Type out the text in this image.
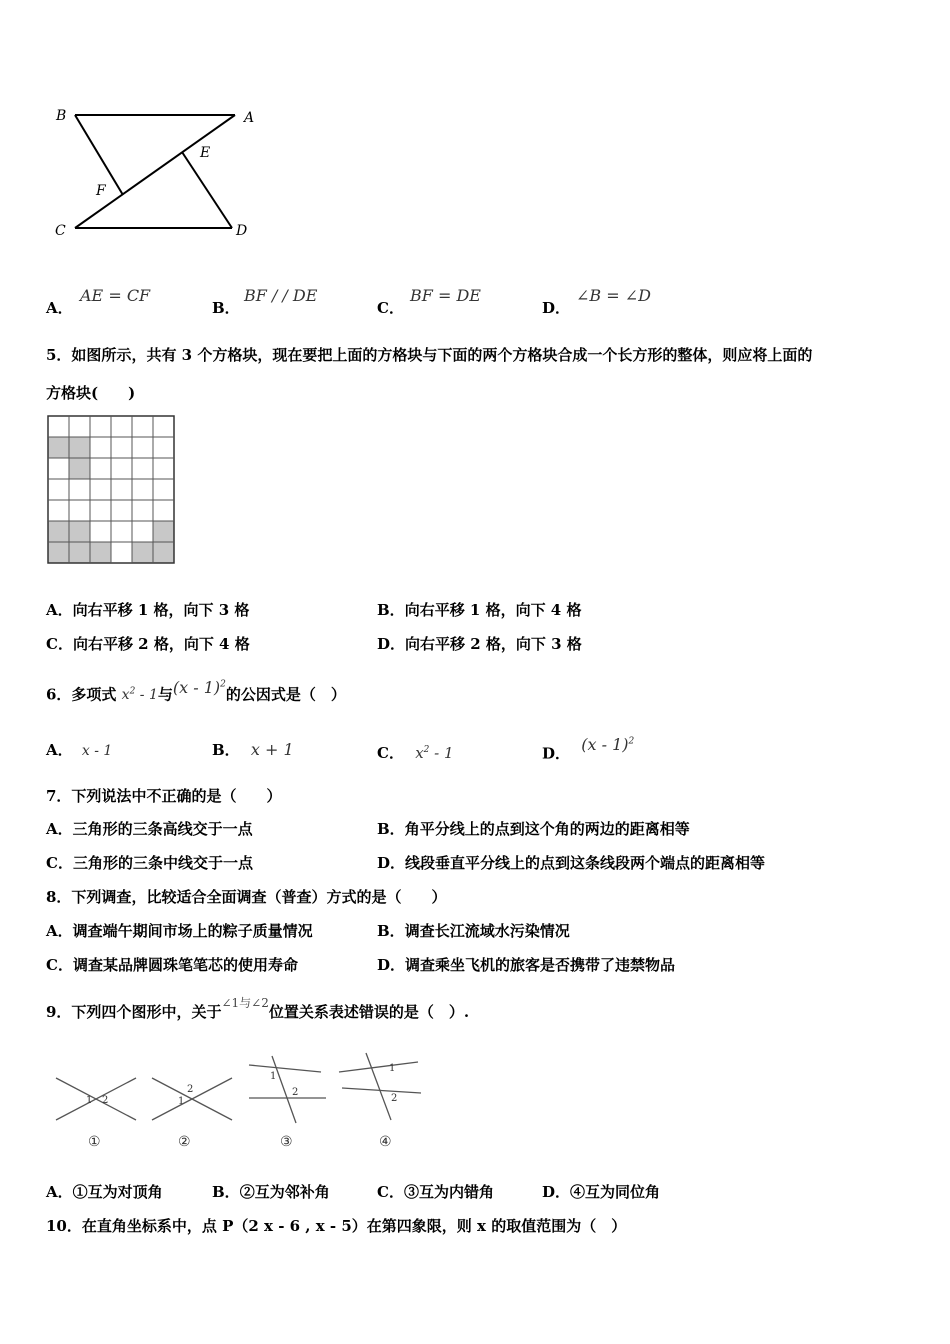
B	A
E
F
C	D
A．
AE = CF
B．
BF / / DE
C．
BF = DE
D．
∠B = ∠D
5．如图所示，共有 3 个方格块，现在要把上面的方格块与下面的两个方格块合成一个长方形的整体，则应将上面的
方格块(　　)
A．向右平移 1 格，向下 3 格	B．向右平移 1 格，向下 4 格
C．向右平移 2 格，向下 4 格	D．向右平移 2 格，向下 3 格
6．多项式 $x^2 - 1$与(x - 1)$^2$的公因式是（　）
A． x - 1	B． x + 1	C． $x^2 - 1$	D． (x - 1)$^2$
7．下列说法中不正确的是（　　）
A．三角形的三条高线交于一点	B．角平分线上的点到这个角的两边的距离相等
C．三角形的三条中线交于一点	D．线段垂直平分线上的点到这条线段两个端点的距离相等
8．下列调查，比较适合全面调查（普查）方式的是（　　）
A．调查端午期间市场上的粽子质量情况	B．调查长江流域水污染情况
C．调查某品牌圆珠笔笔芯的使用寿命	D．调查乘坐飞机的旅客是否携带了违禁物品
9．下列四个图形中，关于$^{\angle 1与\angle 2}$位置关系表述错误的是（　）.
1 2
①
1
2
②
1
2
③
1
2
④
A．①互为对顶角	B．②互为邻补角	C．③互为内错角	D．④互为同位角
10．在直角坐标系中，点 P（2 x - 6 , x - 5）在第四象限，则 x 的取值范围为（　）
